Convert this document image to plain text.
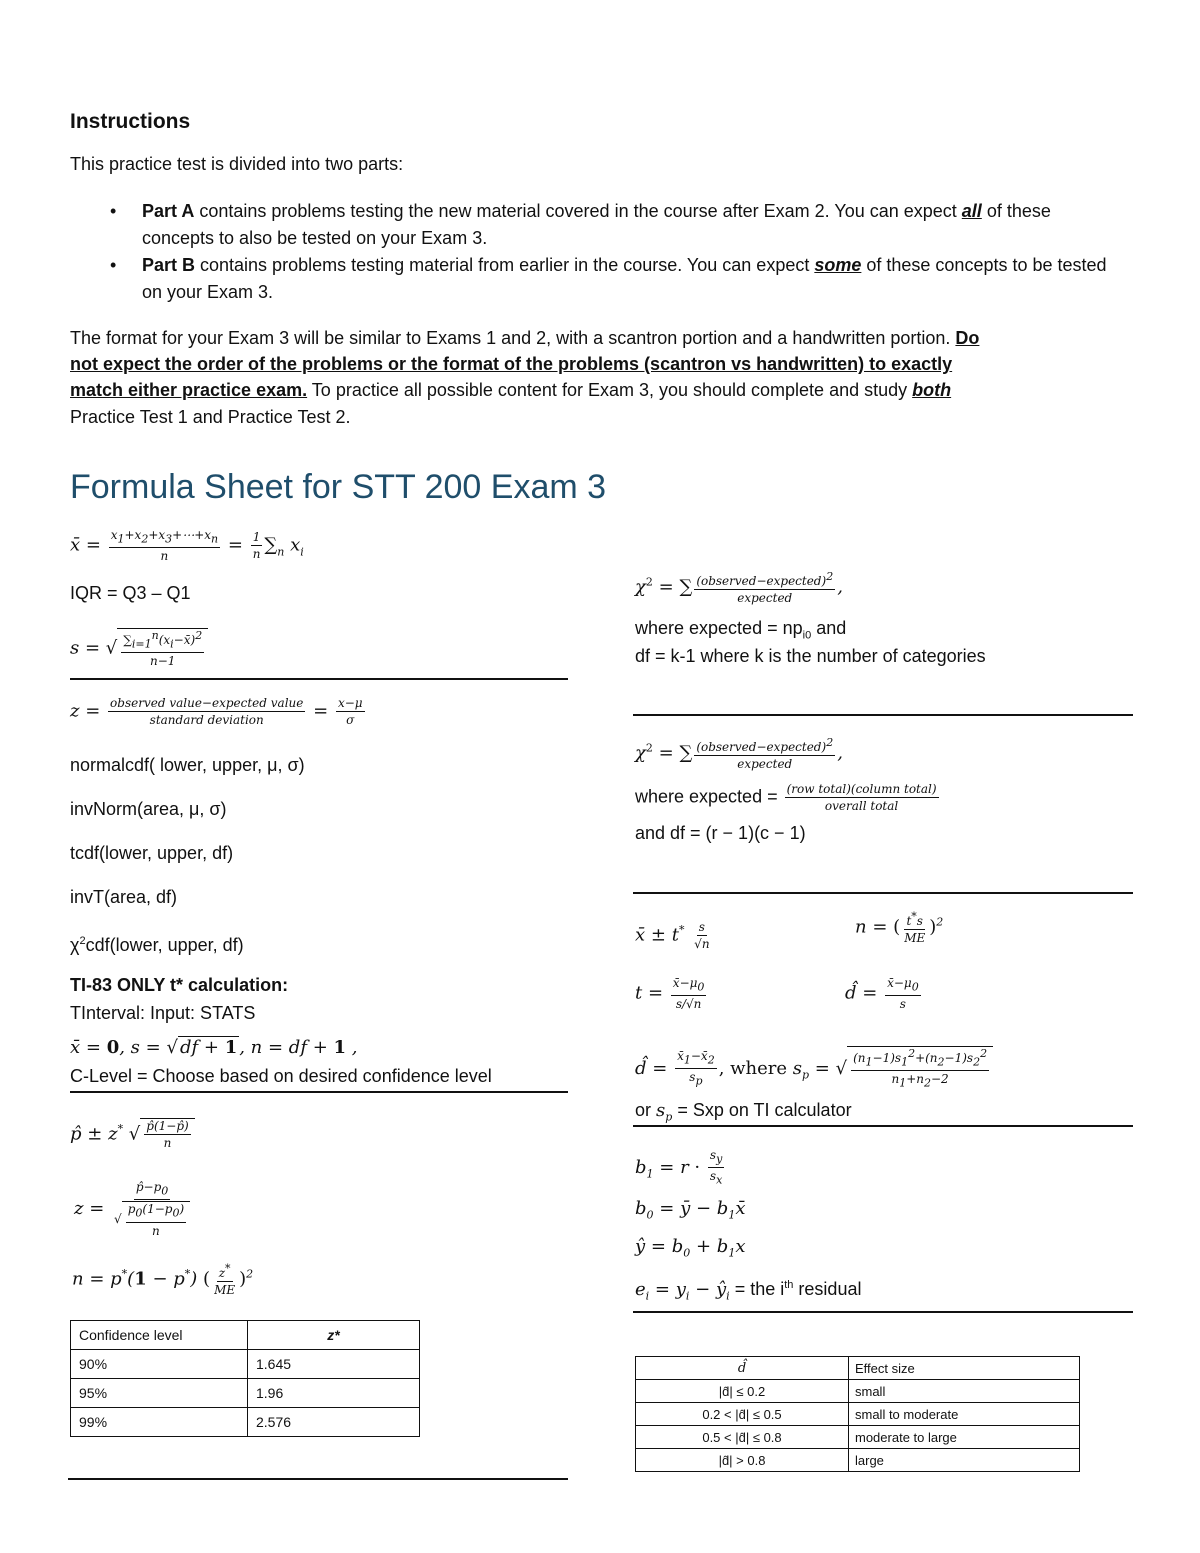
Instructions
This practice test is divided into two parts:
• Part A contains problems testing the new material covered in the course after Exam 2. You can expect all of these concepts to also be tested on your Exam 3.
• Part B contains problems testing material from earlier in the course. You can expect some of these concepts to be tested on your Exam 3.
The format for your Exam 3 will be similar to Exams 1 and 2, with a scantron portion and a handwritten portion. Do
not expect the order of the problems or the format of the problems (scantron vs handwritten) to exactly
match either practice exam. To practice all possible content for Exam 3, you should complete and study both
Practice Test 1 and Practice Test 2.
Formula Sheet for STT 200 Exam 3
x̄ = $\frac{x_1+x_2+x_3+\cdots+x_n}{n} = \frac{1}{n} \sum_n$ $x_i$
IQR = Q3 – Q1
s = √ $\frac{\sum_{i=1}^n(x_i-x̄)^2}{n-1}$
$z = \frac{\text{observed value−expected value}}{\text{standard deviation}} = \frac{x-\mu}{\sigma}$
normalcdf( lower, upper, μ, σ)
invNorm(area, μ, σ)
tcdf(lower, upper, df)
invT(area, df)
$\chi^2cdf(lower$, upper, df)
TI-83 ONLY t* calculation:
TInterval: Input: STATS
x̄ = 0, s = √ df + 1 , n = df + 1 ,
C-Level = Choose based on desired confidence level
p̂ ± z* √ $\frac{p̂(1-p̂)}{n}$
$z = \frac{p̂-p_0}{√ \frac{p_0(1-p_0)}{n}}$
n = p*(1 − p*) ( $\frac{z^*}{ME} )^2$
Confidence level	z*
90%	1.645
95%	1.96
99%	2.576
$\chi^2$ = ∑ $\frac{(observed-expected)^2}{\text{expected}}$ ,
where expected = $np_{i0}$ and
df = k-1 where k is the number of categories
$\chi^2$ = ∑ $\frac{(observed-expected)^2}{\text{expected}}$ ,
where expected = $\frac{\text{(row total)(column total)}}{\text{overall total}}$
and df = (r − 1)(c − 1)
x̄ ± $t^* \frac{s}{√n}$	n = ( $\frac{t^*s}{ME} )^2$
$t = \frac{x̄-\mu_0}{s/√n}$	d̂ = $\frac{x̄-\mu_0}{s}$
d̂ = $\frac{x̄_1-x̄_2}{s_p}$ , where $s_p$ = √ $\frac{(n_1-1)s_1^2+(n_2-1)s_2^2}{n_1+n_2-2}$
or $s_p$ = Sxp on TI calculator
$b_1 = r \cdot \frac{s_y}{s_x}$
$b_0$ = ȳ − $b_1x̄$
ŷ = $b_0 + b_1x$
$e_i = y_i$ − $ŷ_i$ = the $i^{th}$ residual
d̂	Effect size
|d̂| ≤ 0.2	small
0.2 < |d̂| ≤ 0.5	small to moderate
0.5 < |d̂| ≤ 0.8	moderate to large
|d̂| > 0.8	large
